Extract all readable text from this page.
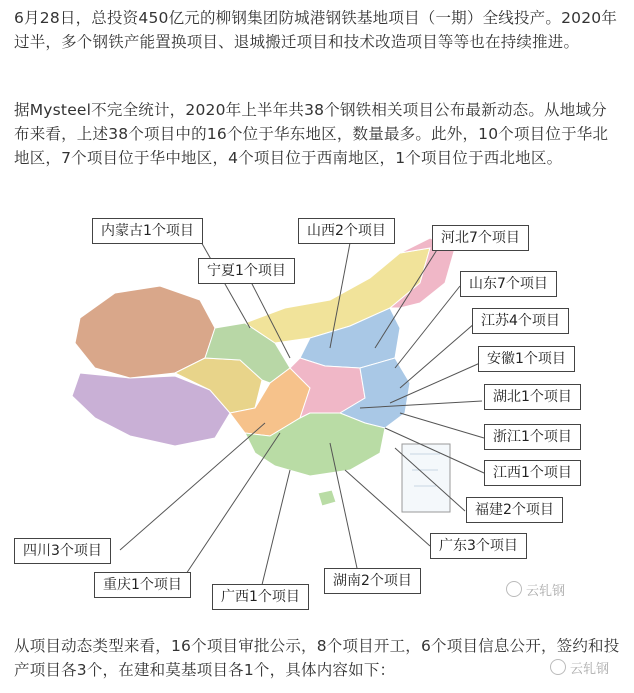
6月28日，总投资450亿元的柳钢集团防城港钢铁基地项目（一期）全线投产。2020年过半，多个钢铁产能置换项目、退城搬迁项目和技术改造项目等等也在持续推进。

据Mysteel不完全统计，2020年上半年共38个钢铁相关项目公布最新动态。从地域分布来看，上述38个项目中的16个位于华东地区，数量最多。此外，10个项目位于华北地区，7个项目位于华中地区，4个项目位于西南地区，1个项目位于西北地区。

内蒙古1个项目	山西2个项目	河北7个项目
宁夏1个项目
山东7个项目
江苏4个项目
安徽1个项目
湖北1个项目
浙江1个项目
江西1个项目
福建2个项目
广东3个项目
四川3个项目
重庆1个项目
广西1个项目
湖南2个项目
云轧钢

从项目动态类型来看，16个项目审批公示，8个项目开工，6个项目信息公开，签约和投产项目各3个，在建和莫基项目各1个，具体内容如下：	云轧钢
